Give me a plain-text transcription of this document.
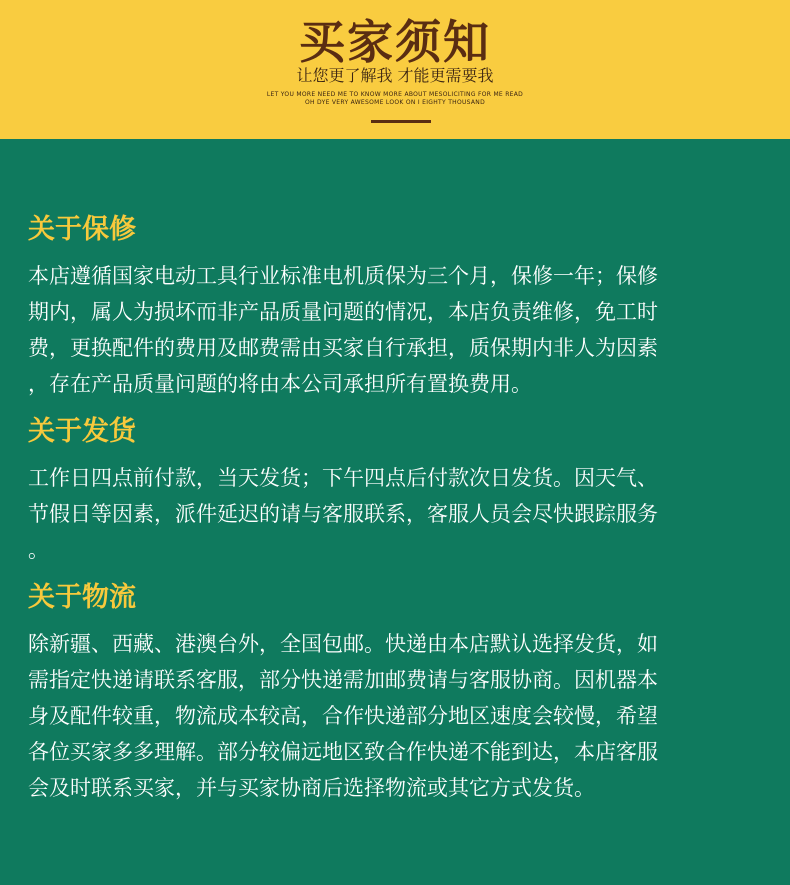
买家须知
让您更了解我 才能更需要我
LET YOU MORE NEED ME TO KNOW MORE ABOUT MESOLICITING FOR ME READ
OH DYE VERY AWESOME LOOK ON I EIGHTY THOUSAND
关于保修
本店遵循国家电动工具行业标准电机质保为三个月，保修一年；保修
期内，属人为损坏而非产品质量问题的情况，本店负责维修，免工时
费，更换配件的费用及邮费需由买家自行承担，质保期内非人为因素
，存在产品质量问题的将由本公司承担所有置换费用。
关于发货
工作日四点前付款，当天发货；下午四点后付款次日发货。因天气、
节假日等因素，派件延迟的请与客服联系，客服人员会尽快跟踪服务
。
关于物流
除新疆、西藏、港澳台外，全国包邮。快递由本店默认选择发货，如
需指定快递请联系客服，部分快递需加邮费请与客服协商。因机器本
身及配件较重，物流成本较高，合作快递部分地区速度会较慢，希望
各位买家多多理解。部分较偏远地区致合作快递不能到达，本店客服
会及时联系买家，并与买家协商后选择物流或其它方式发货。
